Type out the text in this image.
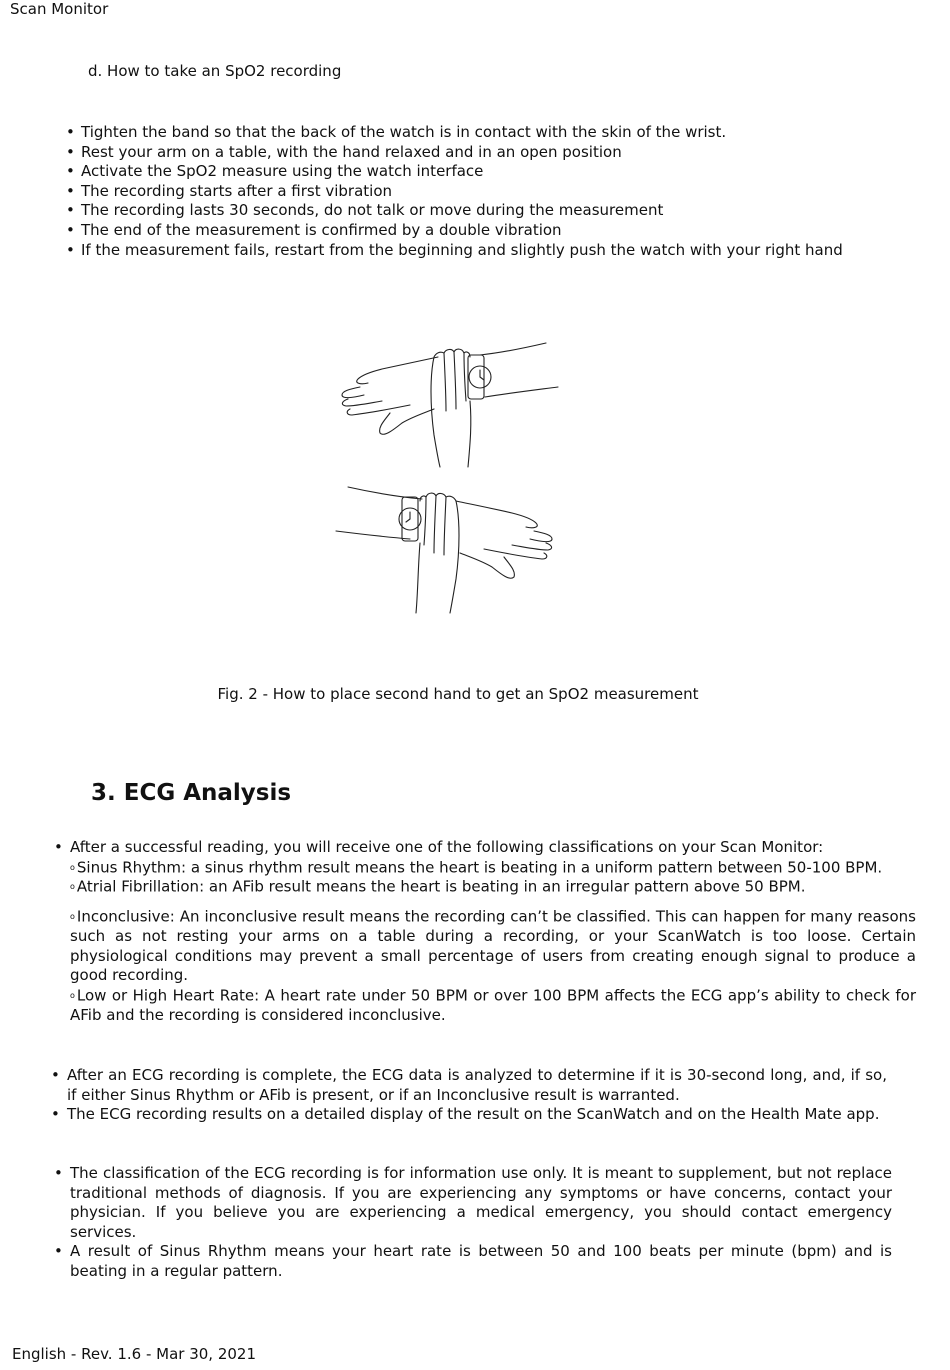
Scan Monitor
d. How to take an SpO2 recording
• Tighten the band so that the back of the watch is in contact with the skin of the wrist.
• Rest your arm on a table, with the hand relaxed and in an open position
• Activate the SpO2 measure using the watch interface
• The recording starts after a first vibration
• The recording lasts 30 seconds, do not talk or move during the measurement
• The end of the measurement is confirmed by a double vibration
• If the measurement fails, restart from the beginning and slightly push the watch with your right hand
Fig. 2 - How to place second hand to get an SpO2 measurement
3. ECG Analysis

• After a successful reading, you will receive one of the following classifications on your Scan Monitor:

o Sinus Rhythm: a sinus rhythm result means the heart is beating in a uniform pattern between 50-100 BPM.

o Atrial Fibrillation: an AFib result means the heart is beating in an irregular pattern above 50 BPM.

o Inconclusive: An inconclusive result means the recording can’t be classified. This can happen for many reasons such as not resting your arms on a table during a recording, or your ScanWatch is too loose. Certain physiological conditions may prevent a small percentage of users from creating enough signal to produce a good recording.

o Low or High Heart Rate: A heart rate under 50 BPM or over 100 BPM affects the ECG app’s ability to check for AFib and the recording is considered inconclusive.

• After an ECG recording is complete, the ECG data is analyzed to determine if it is 30-second long, and, if so, if either Sinus Rhythm or AFib is present, or if an Inconclusive result is warranted.

• The ECG recording results on a detailed display of the result on the ScanWatch and on the Health Mate app.

• The classification of the ECG recording is for information use only. It is meant to supplement, but not replace traditional methods of diagnosis. If you are experiencing any symptoms or have concerns, contact your physician. If you believe you are experiencing a medical emergency, you should contact emergency services.

• A result of Sinus Rhythm means your heart rate is between 50 and 100 beats per minute (bpm) and is beating in a regular pattern.

English - Rev. 1.6 - Mar 30, 2021
